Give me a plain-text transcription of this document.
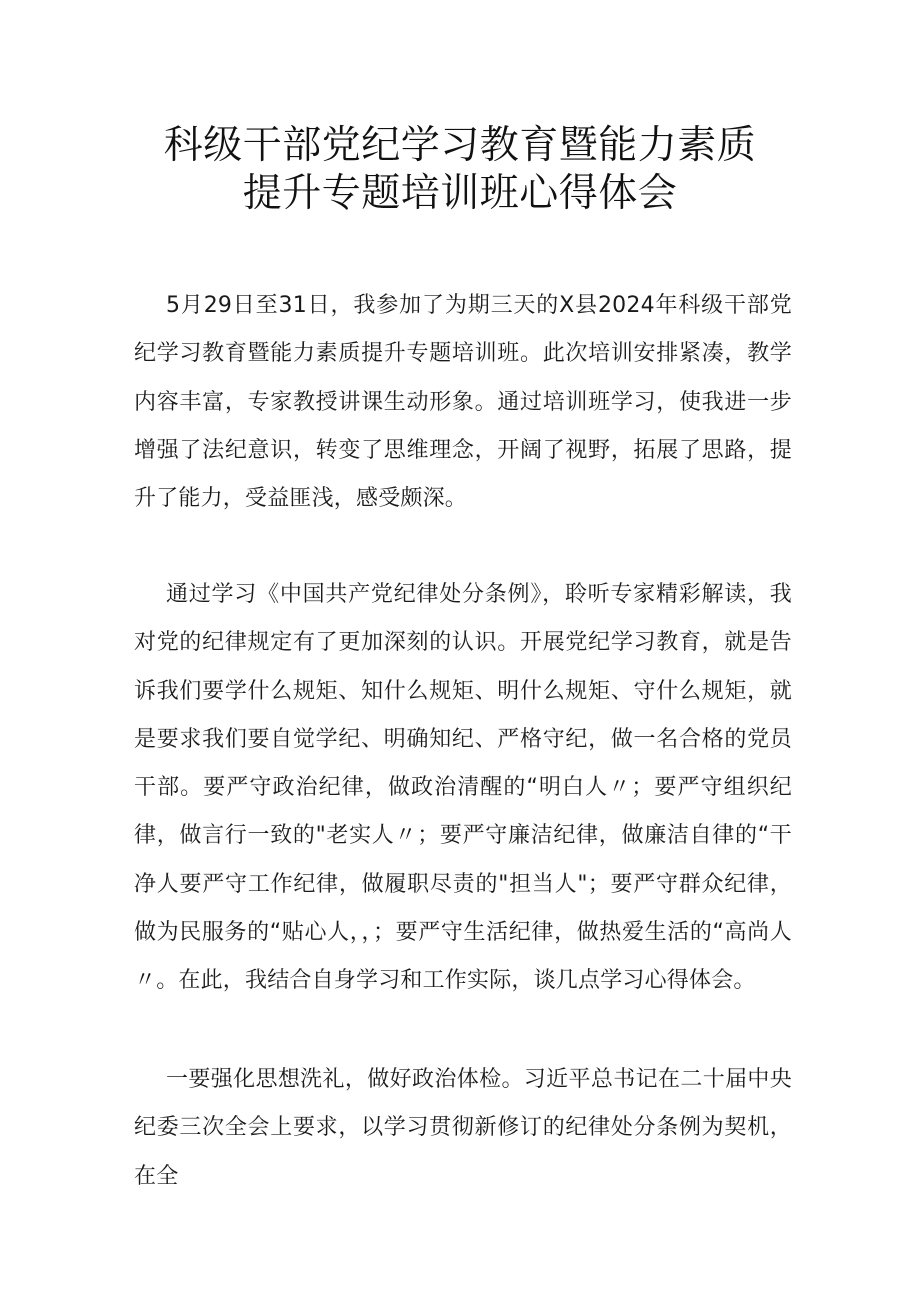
科级干部党纪学习教育暨能力素质
提升专题培训班心得体会

5月29日至31日，我参加了为期三天的X县2024年科级干部党纪学习教育暨能力素质提升专题培训班。此次培训安排紧凑，教学内容丰富，专家教授讲课生动形象。通过培训班学习，使我进一步增强了法纪意识，转变了思维理念，开阔了视野，拓展了思路，提升了能力，受益匪浅，感受颇深。

通过学习《中国共产党纪律处分条例》，聆听专家精彩解读，我对党的纪律规定有了更加深刻的认识。开展党纪学习教育，就是告诉我们要学什么规矩、知什么规矩、明什么规矩、守什么规矩，就是要求我们要自觉学纪、明确知纪、严格守纪，做一名合格的党员干部。要严守政治纪律，做政治清醒的“明白人〃；要严守组织纪律，做言行一致的"老实人〃；要严守廉洁纪律，做廉洁自律的“干净人要严守工作纪律，做履职尽责的"担当人"；要严守群众纪律，做为民服务的“贴心人，，；要严守生活纪律，做热爱生活的“高尚人〃。在此，我结合自身学习和工作实际，谈几点学习心得体会。

一要强化思想洗礼，做好政治体检。习近平总书记在二十届中央纪委三次全会上要求，以学习贯彻新修订的纪律处分条例为契机，在全
